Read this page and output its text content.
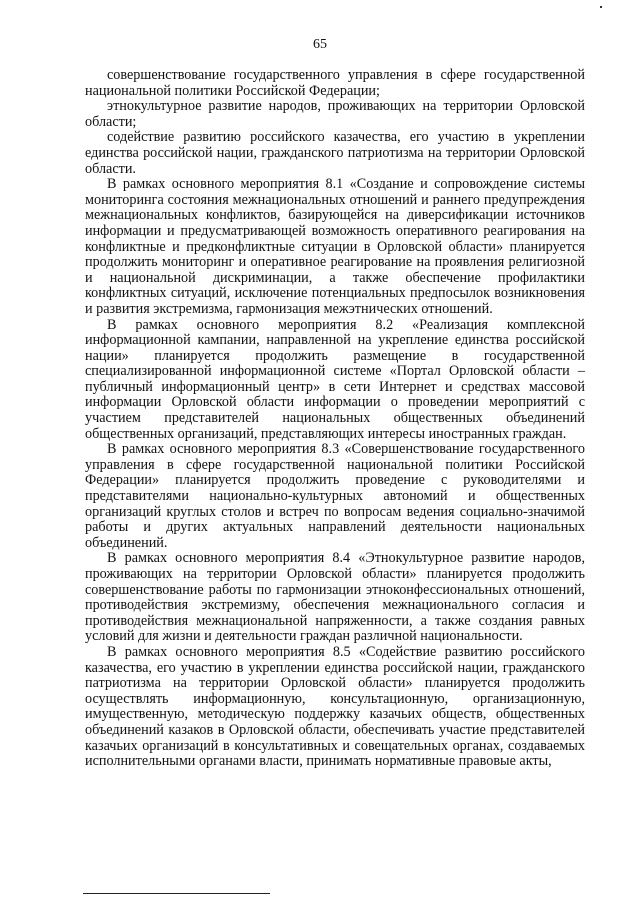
65

совершенствование государственного управления в сфере государственной национальной политики Российской Федерации;

этнокультурное развитие народов, проживающих на территории Орловской области;

содействие развитию российского казачества, его участию в укреплении единства российской нации, гражданского патриотизма на территории Орловской области.

В рамках основного мероприятия 8.1 «Создание и сопровождение системы мониторинга состояния межнациональных отношений и раннего предупреждения межнациональных конфликтов, базирующейся на диверсификации источников информации и предусматривающей возможность оперативного реагирования на конфликтные и предконфликтные ситуации в Орловской области» планируется продолжить мониторинг и оперативное реагирование на проявления религиозной и национальной дискриминации, а также обеспечение профилактики конфликтных ситуаций, исключение потенциальных предпосылок возникновения и развития экстремизма, гармонизация межэтнических отношений.

В рамках основного мероприятия 8.2 «Реализация комплексной информационной кампании, направленной на укрепление единства российской нации» планируется продолжить размещение в государственной специализированной информационной системе «Портал Орловской области – публичный информационный центр» в сети Интернет и средствах массовой информации Орловской области информации о проведении мероприятий с участием представителей национальных общественных объединений общественных организаций, представляющих интересы иностранных граждан.

В рамках основного мероприятия 8.3 «Совершенствование государственного управления в сфере государственной национальной политики Российской Федерации» планируется продолжить проведение с руководителями и представителями национально-культурных автономий и общественных организаций круглых столов и встреч по вопросам ведения социально-значимой работы и других актуальных направлений деятельности национальных объединений.

В рамках основного мероприятия 8.4 «Этнокультурное развитие народов, проживающих на территории Орловской области» планируется продолжить совершенствование работы по гармонизации этноконфессиональных отношений, противодействия экстремизму, обеспечения межнационального согласия и противодействия межнациональной напряженности, а также создания равных условий для жизни и деятельности граждан различной национальности.

В рамках основного мероприятия 8.5 «Содействие развитию российского казачества, его участию в укреплении единства российской нации, гражданского патриотизма на территории Орловской области» планируется продолжить осуществлять информационную, консультационную, организационную, имущественную, методическую поддержку казачьих обществ, общественных объединений казаков в Орловской области, обеспечивать участие представителей казачьих организаций в консультативных и совещательных органах, создаваемых исполнительными органами власти, принимать нормативные правовые акты,
